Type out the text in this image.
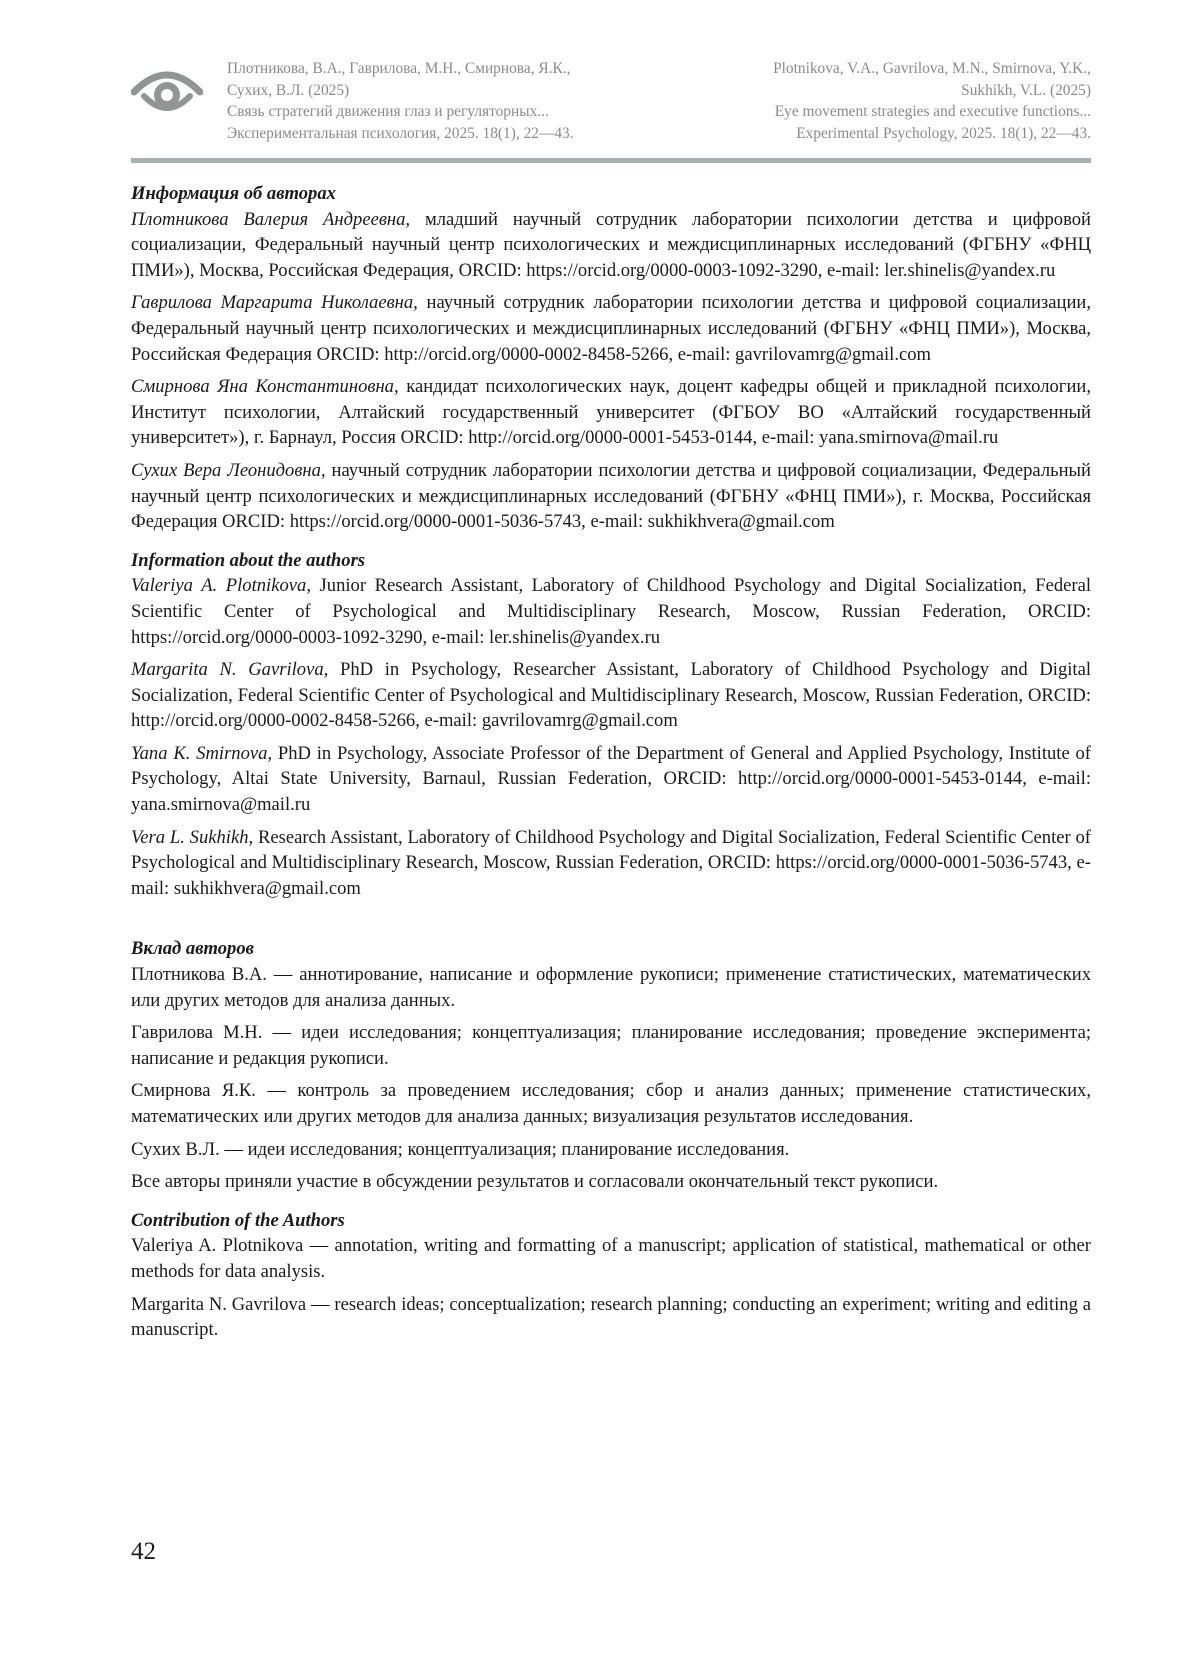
Плотникова, В.А., Гаврилова, М.Н., Смирнова, Я.К.,
Сухих, В.Л. (2025)
Связь стратегий движения глаз и регуляторных...
Экспериментальная психология, 2025. 18(1), 22—43.
Plotnikova, V.A., Gavrilova, M.N., Smirnova, Y.K.,
Sukhikh, V.L. (2025)
Eye movement strategies and executive functions...
Experimental Psychology, 2025. 18(1), 22—43.
Информация об авторах

Плотникова Валерия Андреевна, младший научный сотрудник лаборатории психологии детства и цифровой социализации, Федеральный научный центр психологических и междисциплинарных исследований (ФГБНУ «ФНЦ ПМИ»), Москва, Российская Федерация, ORCID: https://orcid.org/0000-0003-1092-3290, e-mail: ler.shinelis@yandex.ru

Гаврилова Маргарита Николаевна, научный сотрудник лаборатории психологии детства и цифровой социализации, Федеральный научный центр психологических и междисциплинарных исследований (ФГБНУ «ФНЦ ПМИ»), Москва, Российская Федерация ORCID: http://orcid.org/0000-0002-8458-5266, e-mail: gavrilovamrg@gmail.com

Смирнова Яна Константиновна, кандидат психологических наук, доцент кафедры общей и прикладной психологии, Институт психологии, Алтайский государственный университет (ФГБОУ ВО «Алтайский государственный университет»), г. Барнаул, Россия ORCID: http://orcid.org/0000-0001-5453-0144, e-mail: yana.smirnova@mail.ru

Сухих Вера Леонидовна, научный сотрудник лаборатории психологии детства и цифровой социализации, Федеральный научный центр психологических и междисциплинарных исследований (ФГБНУ «ФНЦ ПМИ»), г. Москва, Российская Федерация ORCID: https://orcid.org/0000-0001-5036-5743, e-mail: sukhikhvera@gmail.com

Information about the authors

Valeriya A. Plotnikova, Junior Research Assistant, Laboratory of Childhood Psychology and Digital Socialization, Federal Scientific Center of Psychological and Multidisciplinary Research, Moscow, Russian Federation, ORCID: https://orcid.org/0000-0003-1092-3290, e-mail: ler.shinelis@yandex.ru

Margarita N. Gavrilova, PhD in Psychology, Researcher Assistant, Laboratory of Childhood Psychology and Digital Socialization, Federal Scientific Center of Psychological and Multidisciplinary Research, Moscow, Russian Federation, ORCID: http://orcid.org/0000-0002-8458-5266, e-mail: gavrilovamrg@gmail.com

Yana K. Smirnova, PhD in Psychology, Associate Professor of the Department of General and Applied Psychology, Institute of Psychology, Altai State University, Barnaul, Russian Federation, ORCID: http://orcid.org/0000-0001-5453-0144, e-mail: yana.smirnova@mail.ru

Vera L. Sukhikh, Research Assistant, Laboratory of Childhood Psychology and Digital Socialization, Federal Scientific Center of Psychological and Multidisciplinary Research, Moscow, Russian Federation, ORCID: https://orcid.org/0000-0001-5036-5743, e-mail: sukhikhvera@gmail.com

Вклад авторов

Плотникова В.А. — аннотирование, написание и оформление рукописи; применение статистических, математических или других методов для анализа данных.

Гаврилова М.Н. — идеи исследования; концептуализация; планирование исследования; проведение эксперимента; написание и редакция рукописи.

Смирнова Я.К. — контроль за проведением исследования; сбор и анализ данных; применение статистических, математических или других методов для анализа данных; визуализация результатов исследования.

Сухих В.Л. — идеи исследования; концептуализация; планирование исследования.

Все авторы приняли участие в обсуждении результатов и согласовали окончательный текст рукописи.

Contribution of the Authors

Valeriya A. Plotnikova — annotation, writing and formatting of a manuscript; application of statistical, mathematical or other methods for data analysis.

Margarita N. Gavrilova — research ideas; conceptualization; research planning; conducting an experiment; writing and editing a manuscript.

42
